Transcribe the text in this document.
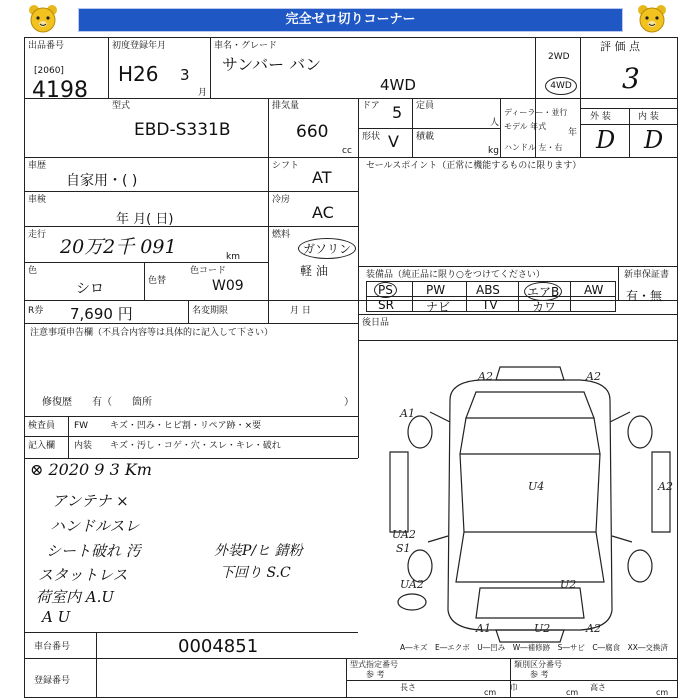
完全ゼロ切りコーナー
出品番号
[2060]
4198
初度登録年月
H26 3
月
車名・グレード
サンバー バン
4WD
2WD
4WD
評 価 点
3
外 装	内 装
D D
型式
EBD-S331B
排気量
660
cc
ドア 5
形状 V
定員
人
積載
kg
ディーラー・並行
モデル 年式
年
ハンドル 左・右
車歴
自家用・( )
シフト
AT
車検
年 月( 日)
冷房
AC
走行
20万2千 091	km
燃料
ガソリン
軽 油
色
シロ	色替
色コード
W09
R券 7,690 円	名変期限	月 日
セールスポイント（正常に機能するものに限ります）
装備品（純正品に限り○をつけてください）	新車保証書
有・無
PS	PW	ABS エアB AW
SR	ナビ	TV	カワ
後日品
注意事項申告欄（不具合内容等は具体的に記入して下さい）
修復歴　　有（　　箇所	）
検査員
記入欄
FW キズ・凹み・ヒビ割・リペア跡・×要
内装 キズ・汚し・コゲ・穴・スレ・キレ・破れ
⊗ 2020 9 3 Km
アンテナ ×
ハンドルスレ
シート破れ 汚
スタットレス
荷室内 A.U
A U
外装P/ヒ 錆粉
下回り S.C
A2	A2
A1
A2
U4
UA2
S1
UA2	U2
A1	U2	A2
A―キズ　E―エクボ　U―凹み　W―補修跡　S―サビ　C―腐食　XX―交換済
車台番号	0004851
登録番号
型式指定番号
参 考
類別区分番号
参 考
長さ
cm
巾
cm
高さ
cm
